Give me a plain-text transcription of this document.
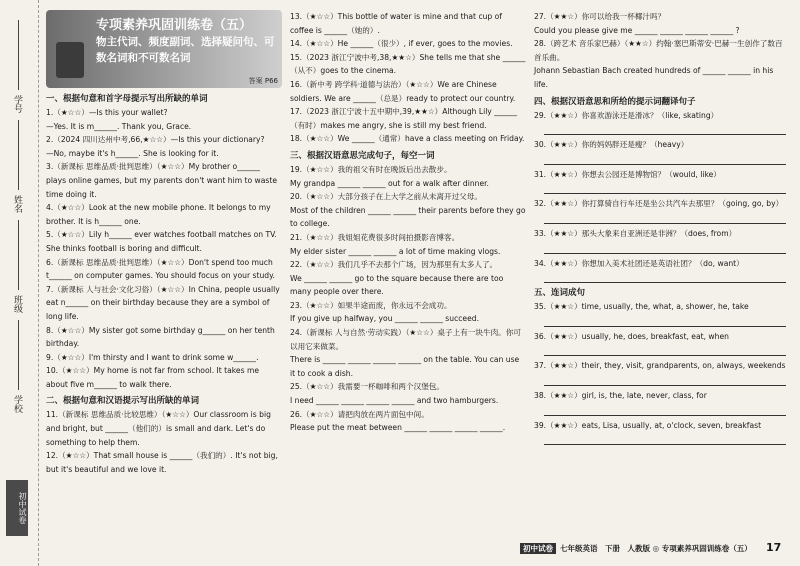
学号
姓名
班级
学校
初中试卷
专项素养巩固训练卷（五）
物主代词、频度副词、选择疑问句、可数名词和不可数名词
答案 P66
一、根据句意和首字母提示写出所缺的单词

1.（★☆☆）—Is this your wallet?
—Yes. It is m______. Thank you, Grace.

2.（2024 四川达州中考,66,★☆☆）—Is this your dictionary?
—No, maybe it's h______. She is looking for it.

3.（新课标 思维品质·批判思维）（★☆☆）My brother o______ plays online games, but my parents don't want him to waste time doing it.

4.（★☆☆）Look at the new mobile phone. It belongs to my brother. It is h______ one.

5.（★☆☆）Lily h______ ever watches football matches on TV. She thinks football is boring and difficult.

6.（新课标 思维品质·批判思维）（★☆☆）Don't spend too much t______ on computer games. You should focus on your study.

7.（新课标 人与社会·文化习俗）（★☆☆）In China, people usually eat n______ on their birthday because they are a symbol of long life.

8.（★☆☆）My sister got some birthday g______ on her tenth birthday.

9.（★☆☆）I'm thirsty and I want to drink some w______.

10.（★☆☆）My home is not far from school. It takes me about five m______ to walk there.

二、根据句意和汉语提示写出所缺的单词

11.（新课标 思维品质·比较思维）（★☆☆）Our classroom is big and bright, but ______（他们的）is small and dark. Let's do something to help them.

12.（★☆☆）That small house is ______（我们的）. It's not big, but it's beautiful and we love it.

13.（★☆☆）This bottle of water is mine and that cup of coffee is ______（她的）.

14.（★☆☆）He ______（很少）, if ever, goes to the movies.

15.（2023 浙江宁波中考,38,★★☆）She tells me that she ______（从不）goes to the cinema.

16.（新中考 跨学科·道德与法治）（★☆☆）We are Chinese soldiers. We are ______（总是）ready to protect our country.

17.（2023 浙江宁波十五中期中,39,★★☆）Although Lily ______（有时）makes me angry, she is still my best friend.

18.（★☆☆）We ______（通常）have a class meeting on Friday.

三、根据汉语意思完成句子，每空一词

19.（★☆☆）我的祖父有时在晚饭后出去散步。
My grandpa ______ ______ out for a walk after dinner.

20.（★☆☆）大部分孩子在上大学之前从未离开过父母。
Most of the children ______ ______ their parents before they go to college.

21.（★☆☆）我姐姐花费很多时间拍摄影音博客。
My elder sister ______ ______ a lot of time making vlogs.

22.（★☆☆）我们几乎不去那个广场，因为那里有太多人了。
We ______ ______ go to the square because there are too many people over there.

23.（★☆☆）如果半途而废，你永远不会成功。
If you give up halfway, you ______ ______ succeed.

24.（新课标 人与自然·劳动实践）（★☆☆）桌子上有一块牛肉。你可以用它来做菜。
There is ______ ______ ______ ______ on the table. You can use it to cook a dish.

25.（★☆☆）我需要一杯咖啡和两个汉堡包。
I need ______ ______ ______ ______ and two hamburgers.

26.（★☆☆）请把肉放在两片面包中间。
Please put the meat between ______ ______ ______ ______.

27.（★★☆）你可以给我一杯椰汁吗？
Could you please give me ______ ______ ______ ______ ?

28.（跨艺术 音乐家巴赫）（★★☆）约翰·塞巴斯蒂安·巴赫一生创作了数百首乐曲。
Johann Sebastian Bach created hundreds of ______ ______ in his life.

四、根据汉语意思和所给的提示词翻译句子

29.（★★☆）你喜欢游泳还是滑冰？（like, skating）

30.（★★☆）你的妈妈胖还是瘦？（heavy）

31.（★★☆）你想去公园还是博物馆？（would, like）

32.（★★☆）你打算骑自行车还是坐公共汽车去那里？（going, go, by）

33.（★★☆）那头大象来自亚洲还是非洲？（does, from）

34.（★★☆）你想加入美术社团还是英语社团？（do, want）

五、连词成句

35.（★★☆）time, usually, the, what, a, shower, he, take

36.（★★☆）usually, he, does, breakfast, eat, when

37.（★★☆）their, they, visit, grandparents, on, always, weekends

38.（★★☆）girl, is, the, late, never, class, for

39.（★★☆）eats, Lisa, usually, at, o'clock, seven, breakfast

初中试卷 七年级英语　下册　人教版 ◎ 专项素养巩固训练卷（五） 17
